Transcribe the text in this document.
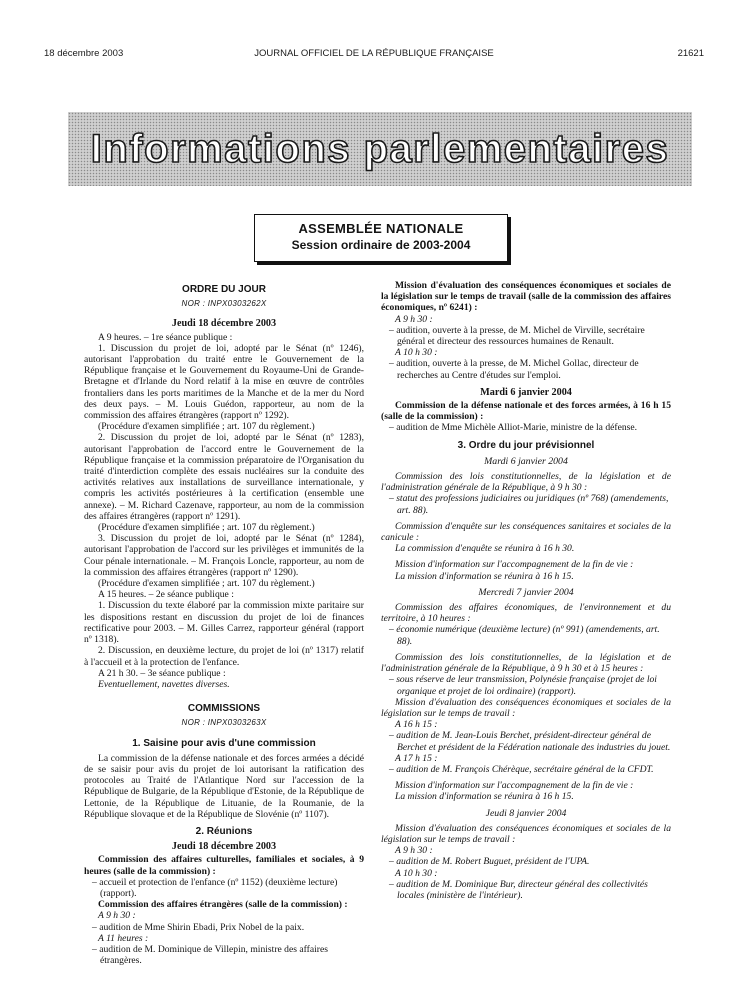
18 décembre 2003	JOURNAL OFFICIEL DE LA RÉPUBLIQUE FRANÇAISE	21621
Informations parlementaires
ASSEMBLÉE NATIONALE
Session ordinaire de 2003-2004
ORDRE DU JOUR
NOR : INPX0303262X
Jeudi 18 décembre 2003

A 9 heures. – 1re séance publique :

1. Discussion du projet de loi, adopté par le Sénat (nº 1246), autorisant l'approbation du traité entre le Gouvernement de la République française et le Gouvernement du Royaume-Uni de Grande-Bretagne et d'Irlande du Nord relatif à la mise en œuvre de contrôles frontaliers dans les ports maritimes de la Manche et de la mer du Nord des deux pays. – M. Louis Guédon, rapporteur, au nom de la commission des affaires étrangères (rapport nº 1292).

(Procédure d'examen simplifiée ; art. 107 du règlement.)

2. Discussion du projet de loi, adopté par le Sénat (nº 1283), autorisant l'approbation de l'accord entre le Gouvernement de la République française et la commission préparatoire de l'Organisation du traité d'interdiction complète des essais nucléaires sur la conduite des activités relatives aux installations de surveillance internationale, y compris les activités postérieures à la certification (ensemble une annexe). – M. Richard Cazenave, rapporteur, au nom de la commission des affaires étrangères (rapport nº 1291).

(Procédure d'examen simplifiée ; art. 107 du règlement.)

3. Discussion du projet de loi, adopté par le Sénat (nº 1284), autorisant l'approbation de l'accord sur les privilèges et immunités de la Cour pénale internationale. – M. François Loncle, rapporteur, au nom de la commission des affaires étrangères (rapport nº 1290).

(Procédure d'examen simplifiée ; art. 107 du règlement.)

A 15 heures. – 2e séance publique :

1. Discussion du texte élaboré par la commission mixte paritaire sur les dispositions restant en discussion du projet de loi de finances rectificative pour 2003. – M. Gilles Carrez, rapporteur général (rapport nº 1318).

2. Discussion, en deuxième lecture, du projet de loi (nº 1317) relatif à l'accueil et à la protection de l'enfance.

A 21 h 30. – 3e séance publique :

Eventuellement, navettes diverses.

COMMISSIONS
NOR : INPX0303263X
1. Saisine pour avis d'une commission

La commission de la défense nationale et des forces armées a décidé de se saisir pour avis du projet de loi autorisant la ratification des protocoles au Traité de l'Atlantique Nord sur l'accession de la République de Bulgarie, de la République d'Estonie, de la République de Lettonie, de la République de Lituanie, de la Roumanie, de la République slovaque et de la République de Slovénie (nº 1107).

2. Réunions
Jeudi 18 décembre 2003

Commission des affaires culturelles, familiales et sociales, à 9 heures (salle de la commission) :

– accueil et protection de l'enfance (nº 1152) (deuxième lecture) (rapport).

Commission des affaires étrangères (salle de la commission) :

A 9 h 30 :

– audition de Mme Shirin Ebadi, Prix Nobel de la paix.

A 11 heures :

– audition de M. Dominique de Villepin, ministre des affaires étrangères.

Mission d'évaluation des conséquences économiques et sociales de la législation sur le temps de travail (salle de la commission des affaires économiques, nº 6241) :

A 9 h 30 :

– audition, ouverte à la presse, de M. Michel de Virville, secrétaire général et directeur des ressources humaines de Renault.

A 10 h 30 :

– audition, ouverte à la presse, de M. Michel Gollac, directeur de recherches au Centre d'études sur l'emploi.

Mardi 6 janvier 2004

Commission de la défense nationale et des forces armées, à 16 h 15 (salle de la commission) :

– audition de Mme Michèle Alliot-Marie, ministre de la défense.

3. Ordre du jour prévisionnel
Mardi 6 janvier 2004

Commission des lois constitutionnelles, de la législation et de l'administration générale de la République, à 9 h 30 :

– statut des professions judiciaires ou juridiques (nº 768) (amendements, art. 88).

Commission d'enquête sur les conséquences sanitaires et sociales de la canicule :

La commission d'enquête se réunira à 16 h 30.

Mission d'information sur l'accompagnement de la fin de vie :

La mission d'information se réunira à 16 h 15.

Mercredi 7 janvier 2004

Commission des affaires économiques, de l'environnement et du territoire, à 10 heures :

– économie numérique (deuxième lecture) (nº 991) (amendements, art. 88).

Commission des lois constitutionnelles, de la législation et de l'administration générale de la République, à 9 h 30 et à 15 heures :

– sous réserve de leur transmission, Polynésie française (projet de loi organique et projet de loi ordinaire) (rapport).

Mission d'évaluation des conséquences économiques et sociales de la législation sur le temps de travail :

A 16 h 15 :

– audition de M. Jean-Louis Berchet, président-directeur général de Berchet et président de la Fédération nationale des industries du jouet.

A 17 h 15 :

– audition de M. François Chérèque, secrétaire général de la CFDT.

Mission d'information sur l'accompagnement de la fin de vie :

La mission d'information se réunira à 16 h 15.

Jeudi 8 janvier 2004

Mission d'évaluation des conséquences économiques et sociales de la législation sur le temps de travail :

A 9 h 30 :

– audition de M. Robert Buguet, président de l'UPA.

A 10 h 30 :

– audition de M. Dominique Bur, directeur général des collectivités locales (ministère de l'intérieur).
